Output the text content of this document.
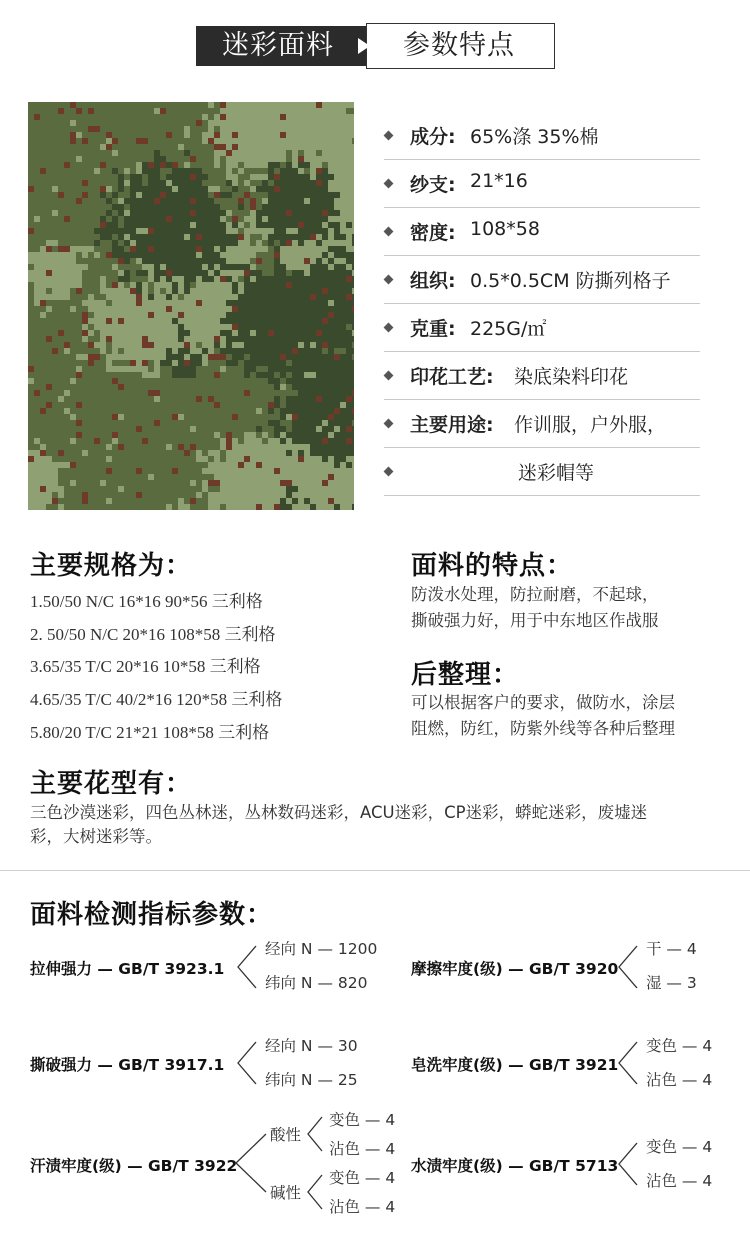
迷彩面料	参数特点
成分: 65%涤 35%棉
纱支: 21*16
密度: 108*58
组织: 0.5*0.5CM 防撕列格子
克重: 225G/㎡
印花工艺: 染底染料印花
主要用途: 作训服，户外服，
迷彩帽等
主要规格为：
1.50/50 N/C 16*16 90*56 三利格
2. 50/50 N/C 20*16 108*58 三利格
3.65/35 T/C 20*16 10*58 三利格
4.65/35 T/C 40/2*16 120*58 三利格
5.80/20 T/C 21*21 108*58 三利格
面料的特点：
防泼水处理，防拉耐磨，不起球，
撕破强力好，用于中东地区作战服
后整理：
可以根据客户的要求，做防水，涂层
阻燃，防红，防紫外线等各种后整理
主要花型有：
三色沙漠迷彩，四色丛林迷，丛林数码迷彩，ACU迷彩，CP迷彩，蟒蛇迷彩，废墟迷
彩，大树迷彩等。
面料检测指标参数：
拉伸强力 — GB/T 3923.1
经向 N — 1200
纬向 N — 820
摩擦牢度(级) — GB/T 3920
干 — 4
湿 — 3
撕破强力 — GB/T 3917.1
经向 N — 30
纬向 N — 25
皂洗牢度(级) — GB/T 3921
变色 — 4
沾色 — 4
汗渍牢度(级) — GB/T 3922
酸性
碱性
变色 — 4
沾色 — 4
变色 — 4
沾色 — 4
水渍牢度(级) — GB/T 5713
变色 — 4
沾色 — 4
